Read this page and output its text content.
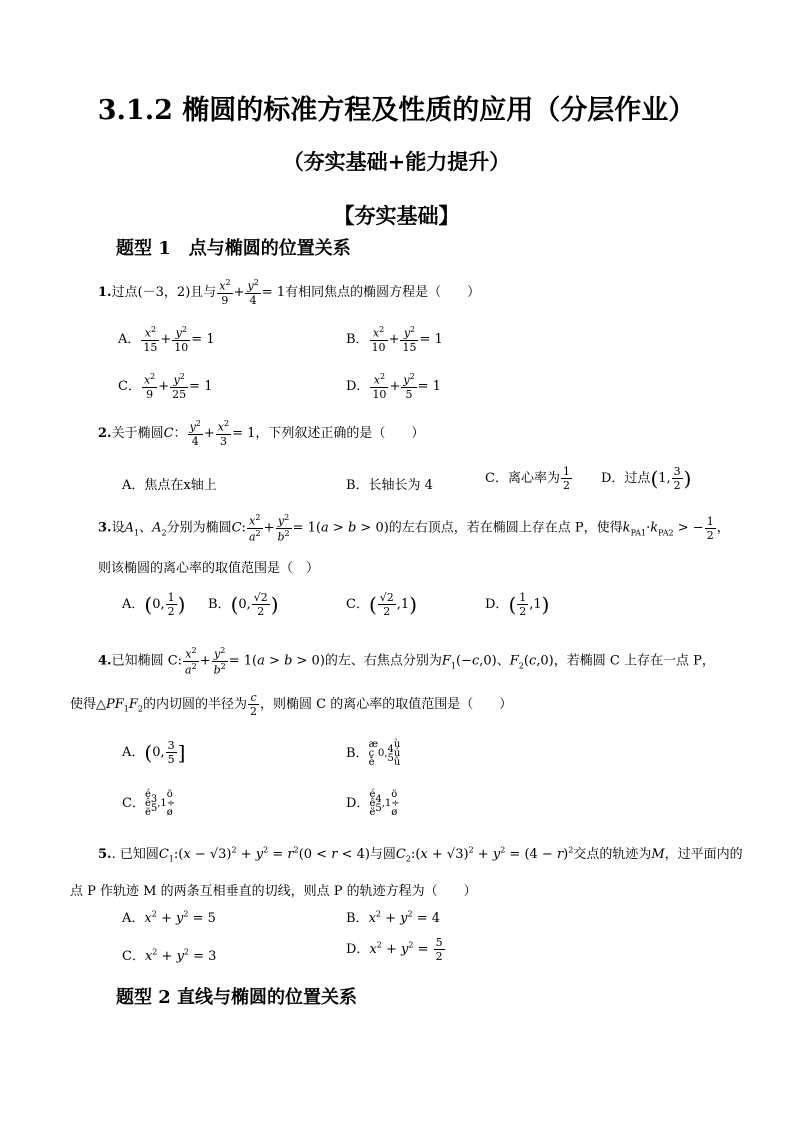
3.1.2 椭圆的标准方程及性质的应用（分层作业）
（夯实基础+能力提升）
【夯实基础】
题型 1　点与椭圆的位置关系
1.过点(－3，2)且与 $\frac{x^2}{9} + \frac{y^2}{4} = 1$有相同焦点的椭圆方程是（　　）
A． $\frac{x^2}{15} + \frac{y^2}{10} = 1$	B． $\frac{x^2}{10} + \frac{y^2}{15} = 1$
C． $\frac{x^2}{9} + \frac{y^2}{25} = 1$	D． $\frac{x^2}{10} + \frac{y^2}{5} = 1$
2.关于椭圆C： $\frac{y^2}{4} + \frac{x^2}{3} = 1$，下列叙述正确的是（　　）
A．焦点在x轴上	B．长轴长为 4	C．离心率为 $\frac{1}{2}$ D．过点(1, $\frac{3}{2}$ )
3.设$A_1$、$A_2$分别为椭圆C: $\frac{x^2}{a^2} + \frac{y^2}{b^2} = 1(a > b > 0)$的左右顶点，若在椭圆上存在点 P，使得$k_{PA1}\cdot k_{PA2}$ > − $\frac{1}{2}$ ，
则该椭圆的离心率的取值范围是（　）
A．(0, $\frac{1}{2}$ ) B．(0, $\frac{√2}{2}$ )	C．( $\frac{√2}{2} ,1$)	D．( $\frac{1}{2} ,1$)
4.已知椭圆 C: $\frac{x^2}{a^2} + \frac{y^2}{b^2} = 1(a > b > 0)$的左、右焦点分别为$F_1(-c,0)$、$F_2(c,0)$，若椭圆 C 上存在一点 P，
使得$\triangle PF_1F_2$的内切圆的半径为 $\frac{c}{2}$ ，则椭圆 C 的离心率的取值范围是（　　）
A．(0, $\frac{3}{5}$ ]	B．æ
ç
è0,4
5ù
ú
û
C．é
ê
ë3
5,1ö
÷
ø
D．é
ê
ë4
5,1ö
÷
ø
5.. 已知圆$C_1:(x - √3)^2 + y^2 = r^2(0 < r < 4)$与圆$C_2:(x + √3)^2 + y^2 = (4 - r)^2$交点的轨迹为M，过平面内的
点 P 作轨迹 M 的两条互相垂直的切线，则点 P 的轨迹方程为（　　）
A．$x^2 + y^2 = 5$	B．$x^2 + y^2 = 4$
C．$x^2 + y^2 = 3$	D．$x^2 + y^2 = \frac{5}{2}$
题型 2 直线与椭圆的位置关系
